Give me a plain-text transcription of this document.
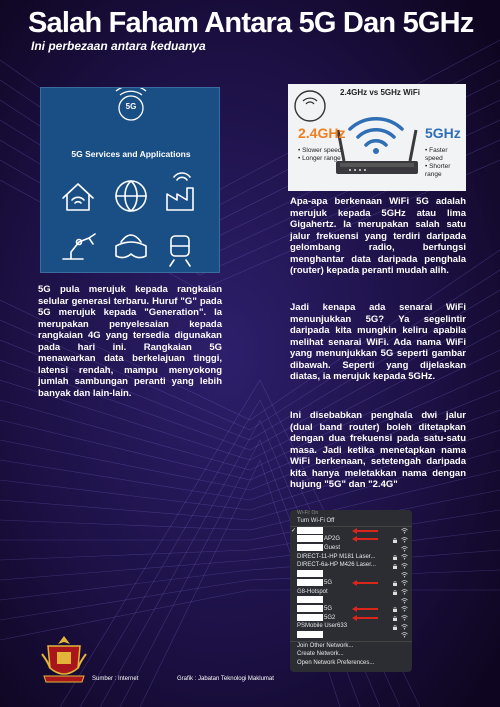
Salah Faham Antara 5G Dan 5GHz
Ini perbezaan antara keduanya
5G
5G Services and Applications
2.4GHz vs 5GHz WiFi
2.4GHz	5GHz
• Slower speed
• Longer range
• Faster speed
• Shorter range

5G pula merujuk kepada rangkaian selular generasi terbaru. Huruf "G" pada 5G merujuk kepada "Generation". Ia merupakan penyelesaian kepada rangkaian 4G yang tersedia digunakan pada hari ini. Rangkaian 5G menawarkan data berkelajuan tinggi, latensi rendah, mampu menyokong jumlah sambungan peranti yang lebih banyak dan lain-lain.

Apa-apa berkenaan WiFi 5G adalah merujuk kepada 5GHz atau lima Gigahertz. Ia merupakan salah satu jalur frekuensi yang terdiri daripada gelombang radio, berfungsi menghantar data daripada penghala (router) kepada peranti mudah alih.

Jadi kenapa ada senarai WiFi menunjukkan 5G? Ya segelintir daripada kita mungkin keliru apabila melihat senarai WiFi. Ada nama WiFi yang menunjukkan 5G seperti gambar dibawah. Seperti yang dijelaskan diatas, ia merujuk kepada 5GHz.

Ini disebabkan penghala dwi jalur (dual band router) boleh ditetapkan dengan dua frekuensi pada satu-satu masa. Jadi ketika menetapkan nama WiFi berkenaan, setetengah daripada kita hanya meletakkan nama dengan hujung "5G" dan "2.4G"

Wi-Fi: On
Turn Wi-Fi Off
✓
AP2G
Guest
DIRECT-11-HP M181 Laser...
DIRECT-6a-HP M426 Laser...
5G
G8-Hotspot
5G
5G2
PSMobile User633
Join Other Network...
Create Network...
Open Network Preferences...
Sumber : Internet	Grafik : Jabatan Teknologi Maklumat
